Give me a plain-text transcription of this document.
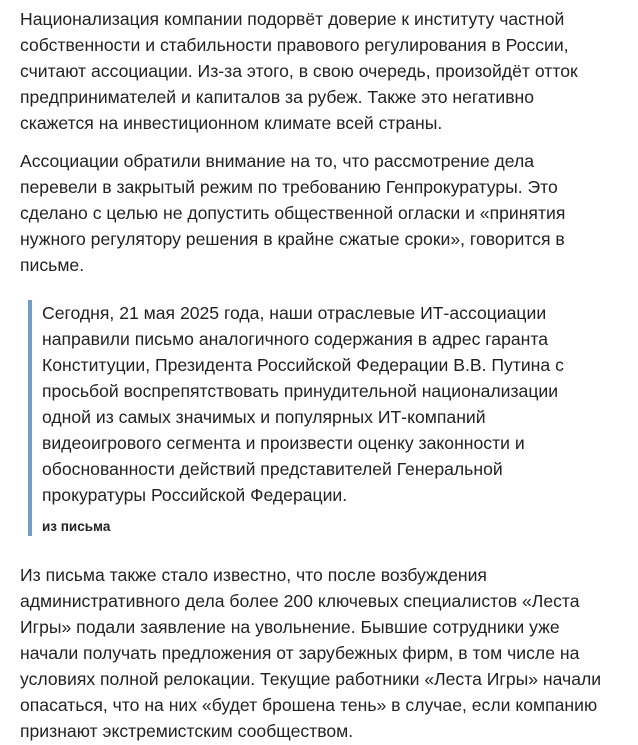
Национализация компании подорвёт доверие к институту частной
собственности и стабильности правового регулирования в России,
считают ассоциации. Из-за этого, в свою очередь, произойдёт отток
предпринимателей и капиталов за рубеж. Также это негативно
скажется на инвестиционном климате всей страны.

Ассоциации обратили внимание на то, что рассмотрение дела
перевели в закрытый режим по требованию Генпрокуратуры. Это
сделано с целью не допустить общественной огласки и «принятия
нужного регулятору решения в крайне сжатые сроки», говорится в
письме.

Сегодня, 21 мая 2025 года, наши отраслевые ИТ-ассоциации
направили письмо аналогичного содержания в адрес гаранта
Конституции, Президента Российской Федерации В.В. Путина с
просьбой воспрепятствовать принудительной национализации
одной из самых значимых и популярных ИТ-компаний
видеоигрового сегмента и произвести оценку законности и
обоснованности действий представителей Генеральной
прокуратуры Российской Федерации.

из письма

Из письма также стало известно, что после возбуждения
административного дела более 200 ключевых специалистов «Леста
Игры» подали заявление на увольнение. Бывшие сотрудники уже
начали получать предложения от зарубежных фирм, в том числе на
условиях полной релокации. Текущие работники «Леста Игры» начали
опасаться, что на них «будет брошена тень» в случае, если компанию
признают экстремистским сообществом.
